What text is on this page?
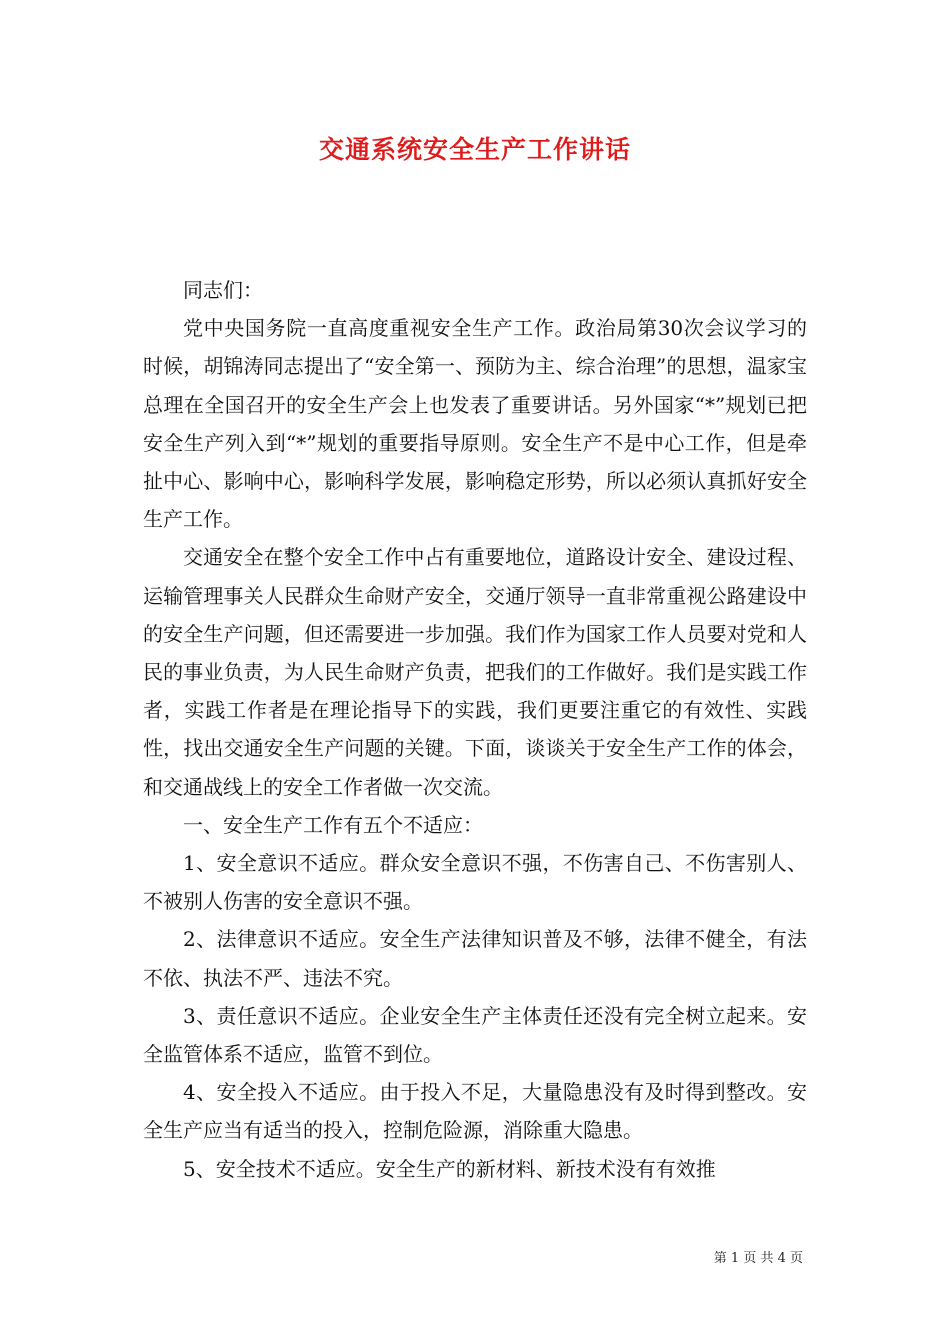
交通系统安全生产工作讲话

同志们：

党中央国务院一直高度重视安全生产工作。政治局第30次会议学习的时候，胡锦涛同志提出了“安全第一、预防为主、综合治理”的思想，温家宝总理在全国召开的安全生产会上也发表了重要讲话。另外国家“*”规划已把安全生产列入到“*”规划的重要指导原则。安全生产不是中心工作，但是牵扯中心、影响中心，影响科学发展，影响稳定形势，所以必须认真抓好安全生产工作。

交通安全在整个安全工作中占有重要地位，道路设计安全、建设过程、运输管理事关人民群众生命财产安全，交通厅领导一直非常重视公路建设中的安全生产问题，但还需要进一步加强。我们作为国家工作人员要对党和人民的事业负责，为人民生命财产负责，把我们的工作做好。我们是实践工作者，实践工作者是在理论指导下的实践，我们更要注重它的有效性、实践性，找出交通安全生产问题的关键。下面，谈谈关于安全生产工作的体会，和交通战线上的安全工作者做一次交流。

一、安全生产工作有五个不适应：

1、安全意识不适应。群众安全意识不强，不伤害自己、不伤害别人、不被别人伤害的安全意识不强。

2、法律意识不适应。安全生产法律知识普及不够，法律不健全，有法不依、执法不严、违法不究。

3、责任意识不适应。企业安全生产主体责任还没有完全树立起来。安全监管体系不适应，监管不到位。

4、安全投入不适应。由于投入不足，大量隐患没有及时得到整改。安全生产应当有适当的投入，控制危险源，消除重大隐患。

5、安全技术不适应。安全生产的新材料、新技术没有有效推

第 1 页 共 4 页
